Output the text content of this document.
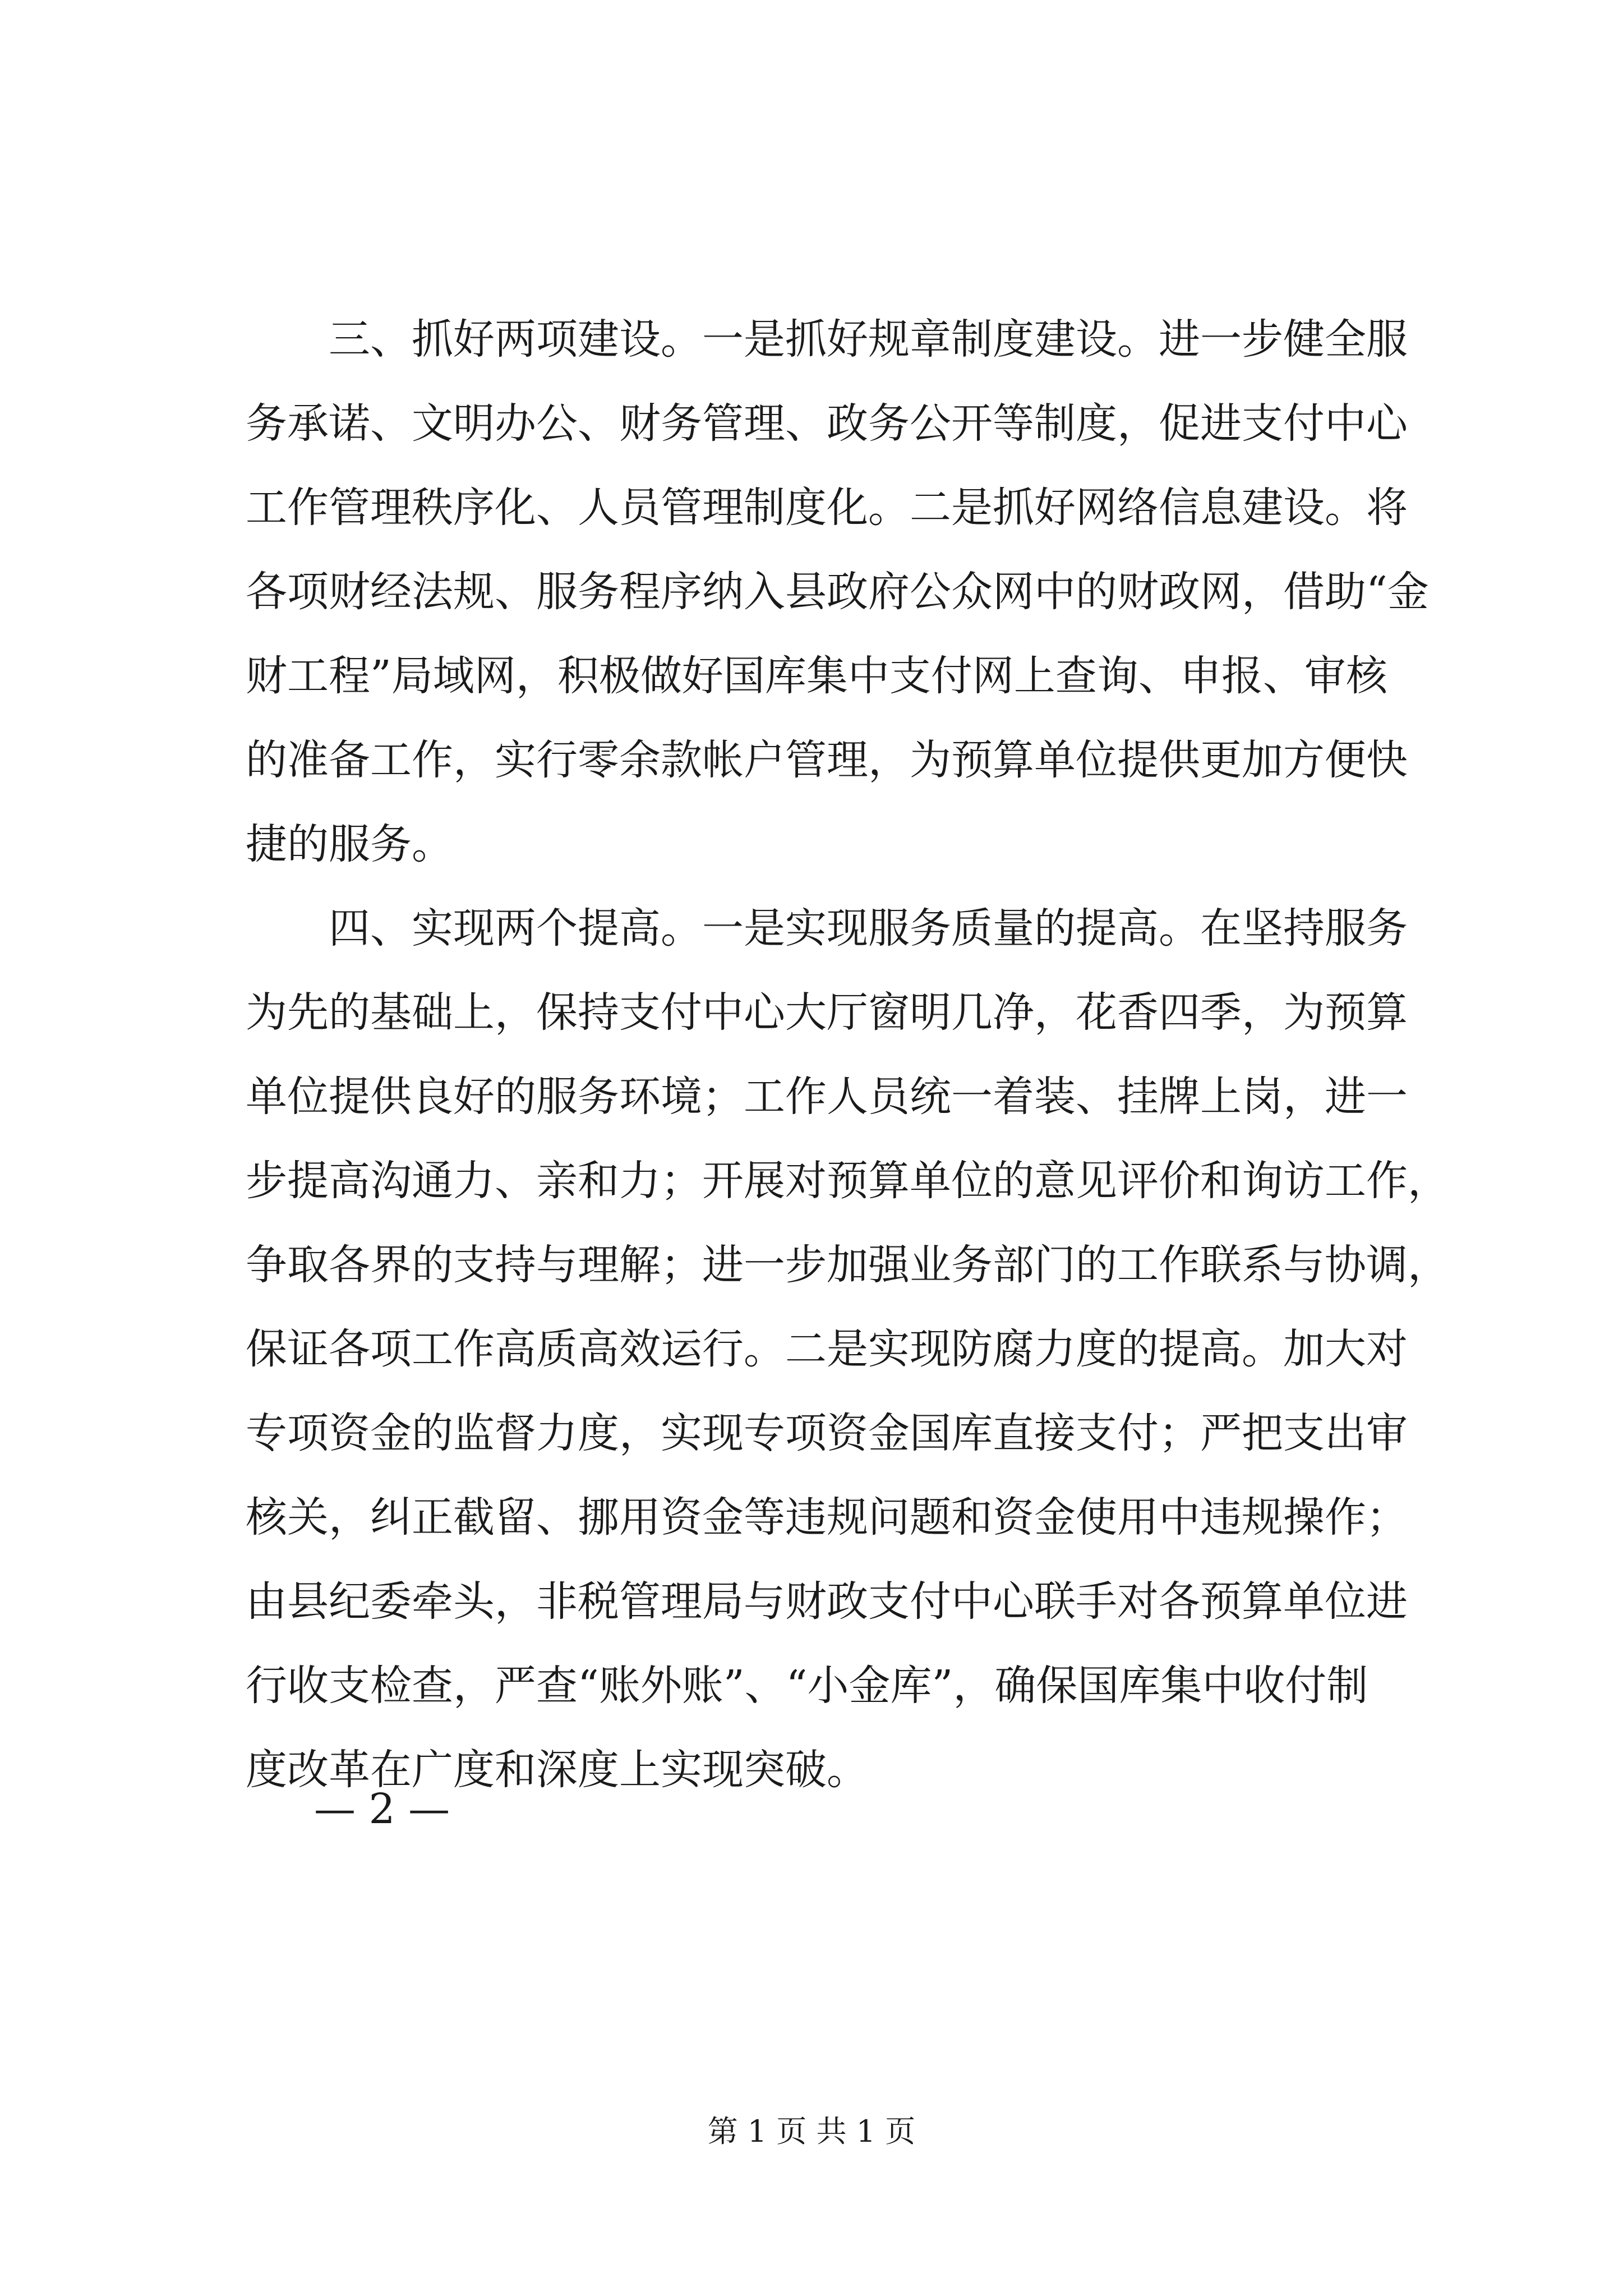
　　三、抓好两项建设。一是抓好规章制度建设。进一步健全服
务承诺、文明办公、财务管理、政务公开等制度，促进支付中心
工作管理秩序化、人员管理制度化。二是抓好网络信息建设。将
各项财经法规、服务程序纳入县政府公众网中的财政网，借助“金
财工程”局域网，积极做好国库集中支付网上查询、申报、审核
的准备工作，实行零余款帐户管理，为预算单位提供更加方便快
捷的服务。
　　四、实现两个提高。一是实现服务质量的提高。在坚持服务
为先的基础上，保持支付中心大厅窗明几净，花香四季，为预算
单位提供良好的服务环境；工作人员统一着装、挂牌上岗，进一
步提高沟通力、亲和力；开展对预算单位的意见评价和询访工作，
争取各界的支持与理解；进一步加强业务部门的工作联系与协调，
保证各项工作高质高效运行。二是实现防腐力度的提高。加大对
专项资金的监督力度，实现专项资金国库直接支付；严把支出审
核关，纠正截留、挪用资金等违规问题和资金使用中违规操作；
由县纪委牵头，非税管理局与财政支付中心联手对各预算单位进
行收支检查，严查“账外账”、“小金库”，确保国库集中收付制
度改革在广度和深度上实现突破。
— 2 —
第 1 页 共 1 页
